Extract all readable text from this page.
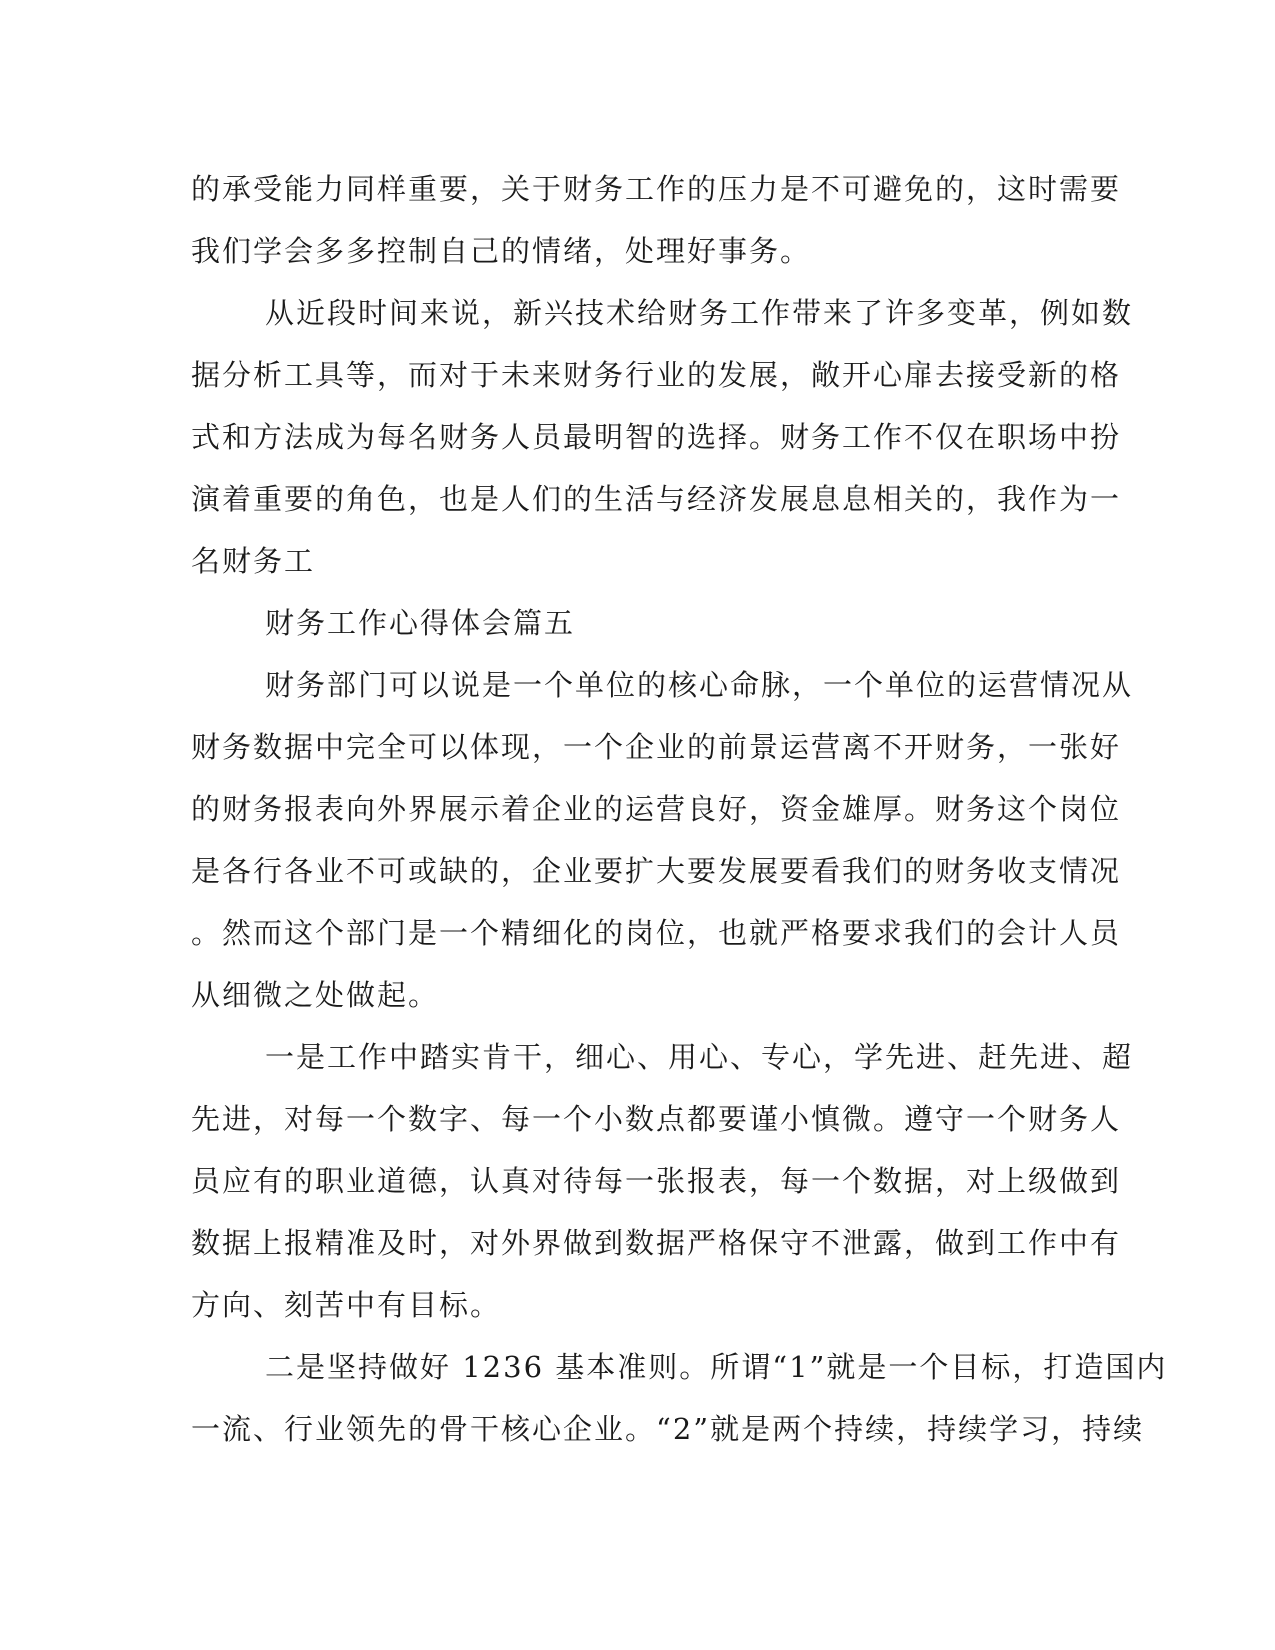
的承受能力同样重要，关于财务工作的压力是不可避免的，这时需要
我们学会多多控制自己的情绪，处理好事务。
从近段时间来说，新兴技术给财务工作带来了许多变革，例如数
据分析工具等，而对于未来财务行业的发展，敞开心扉去接受新的格
式和方法成为每名财务人员最明智的选择。财务工作不仅在职场中扮
演着重要的角色，也是人们的生活与经济发展息息相关的，我作为一
名财务工
财务工作心得体会篇五
财务部门可以说是一个单位的核心命脉，一个单位的运营情况从
财务数据中完全可以体现，一个企业的前景运营离不开财务，一张好
的财务报表向外界展示着企业的运营良好，资金雄厚。财务这个岗位
是各行各业不可或缺的，企业要扩大要发展要看我们的财务收支情况
。然而这个部门是一个精细化的岗位，也就严格要求我们的会计人员
从细微之处做起。
一是工作中踏实肯干，细心、用心、专心，学先进、赶先进、超
先进，对每一个数字、每一个小数点都要谨小慎微。遵守一个财务人
员应有的职业道德，认真对待每一张报表，每一个数据，对上级做到
数据上报精准及时，对外界做到数据严格保守不泄露，做到工作中有
方向、刻苦中有目标。
二是坚持做好 1236 基本准则。所谓“1”就是一个目标，打造国内
一流、行业领先的骨干核心企业。“2”就是两个持续，持续学习，持续
